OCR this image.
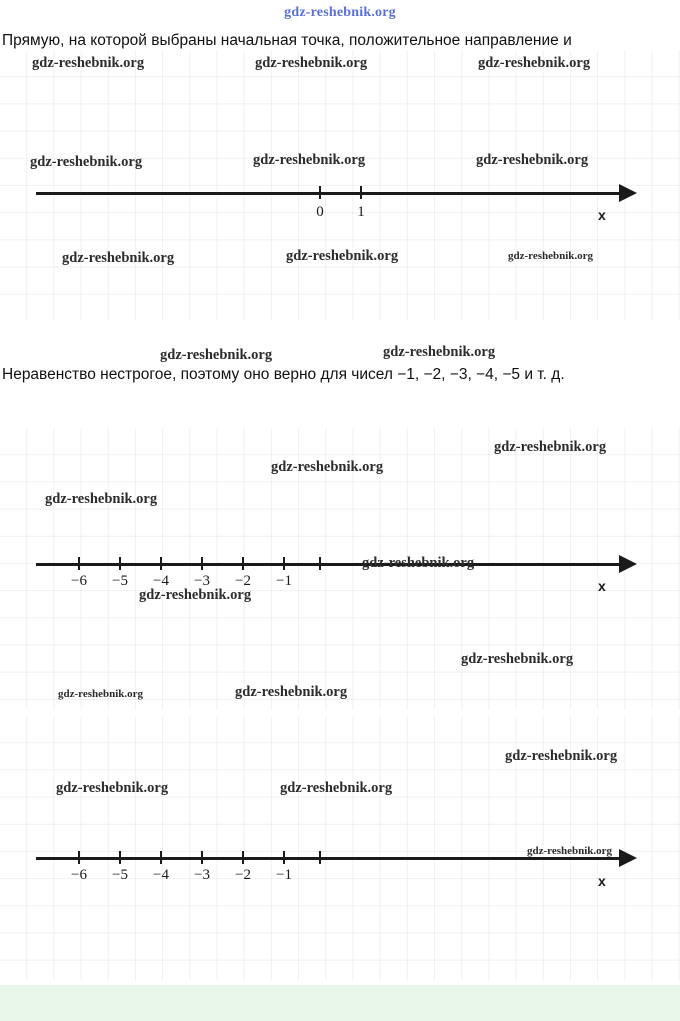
gdz-reshebnik.org
Прямую, на которой выбраны начальная точка, положительное направление и
0	1	x
gdz-reshebnik.org	gdz-reshebnik.org	gdz-reshebnik.org
gdz-reshebnik.org	gdz-reshebnik.org	gdz-reshebnik.org
gdz-reshebnik.org	gdz-reshebnik.org	gdz-reshebnik.org
gdz-reshebnik.org	gdz-reshebnik.org
Неравенство нестрогое, поэтому оно верно для чисел −1, −2, −3, −4, −5 и т. д.
−6	−5	−4	−3	−2	−1	x
gdz-reshebnik.org
gdz-reshebnik.org
gdz-reshebnik.org
gdz-reshebnik.org
gdz-reshebnik.org
gdz-reshebnik.org
gdz-reshebnik.org	gdz-reshebnik.org
−6	−5	−4	−3	−2	−1	x
gdz-reshebnik.org
gdz-reshebnik.org	gdz-reshebnik.org
gdz-reshebnik.org
